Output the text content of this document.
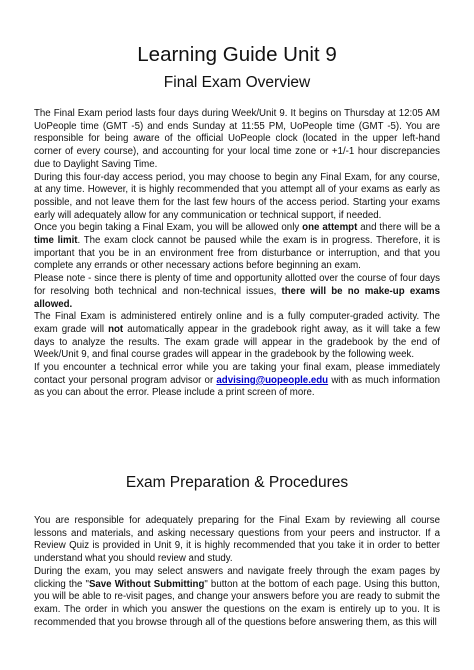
Learning Guide Unit 9
Final Exam Overview

The Final Exam period lasts four days during Week/Unit 9. It begins on Thursday at 12:05 AM UoPeople time (GMT -5) and ends Sunday at 11:55 PM, UoPeople time (GMT -5). You are responsible for being aware of the official UoPeople clock (located in the upper left-hand corner of every course), and accounting for your local time zone or +1/-1 hour discrepancies due to Daylight Saving Time.

During this four-day access period, you may choose to begin any Final Exam, for any course, at any time. However, it is highly recommended that you attempt all of your exams as early as possible, and not leave them for the last few hours of the access period. Starting your exams early will adequately allow for any communication or technical support, if needed.

Once you begin taking a Final Exam, you will be allowed only one attempt and there will be a time limit. The exam clock cannot be paused while the exam is in progress. Therefore, it is important that you be in an environment free from disturbance or interruption, and that you complete any errands or other necessary actions before beginning an exam.

Please note - since there is plenty of time and opportunity allotted over the course of four days for resolving both technical and non-technical issues, there will be no make-up exams allowed.

The Final Exam is administered entirely online and is a fully computer-graded activity. The exam grade will not automatically appear in the gradebook right away, as it will take a few days to analyze the results. The exam grade will appear in the gradebook by the end of Week/Unit 9, and final course grades will appear in the gradebook by the following week.

If you encounter a technical error while you are taking your final exam, please immediately contact your personal program advisor or advising@uopeople.edu with as much information as you can about the error. Please include a print screen of more.

Exam Preparation & Procedures

You are responsible for adequately preparing for the Final Exam by reviewing all course lessons and materials, and asking necessary questions from your peers and instructor. If a Review Quiz is provided in Unit 9, it is highly recommended that you take it in order to better understand what you should review and study.

During the exam, you may select answers and navigate freely through the exam pages by clicking the "Save Without Submitting" button at the bottom of each page. Using this button, you will be able to re-visit pages, and change your answers before you are ready to submit the exam. The order in which you answer the questions on the exam is entirely up to you. It is recommended that you browse through all of the questions before answering them, as this will
